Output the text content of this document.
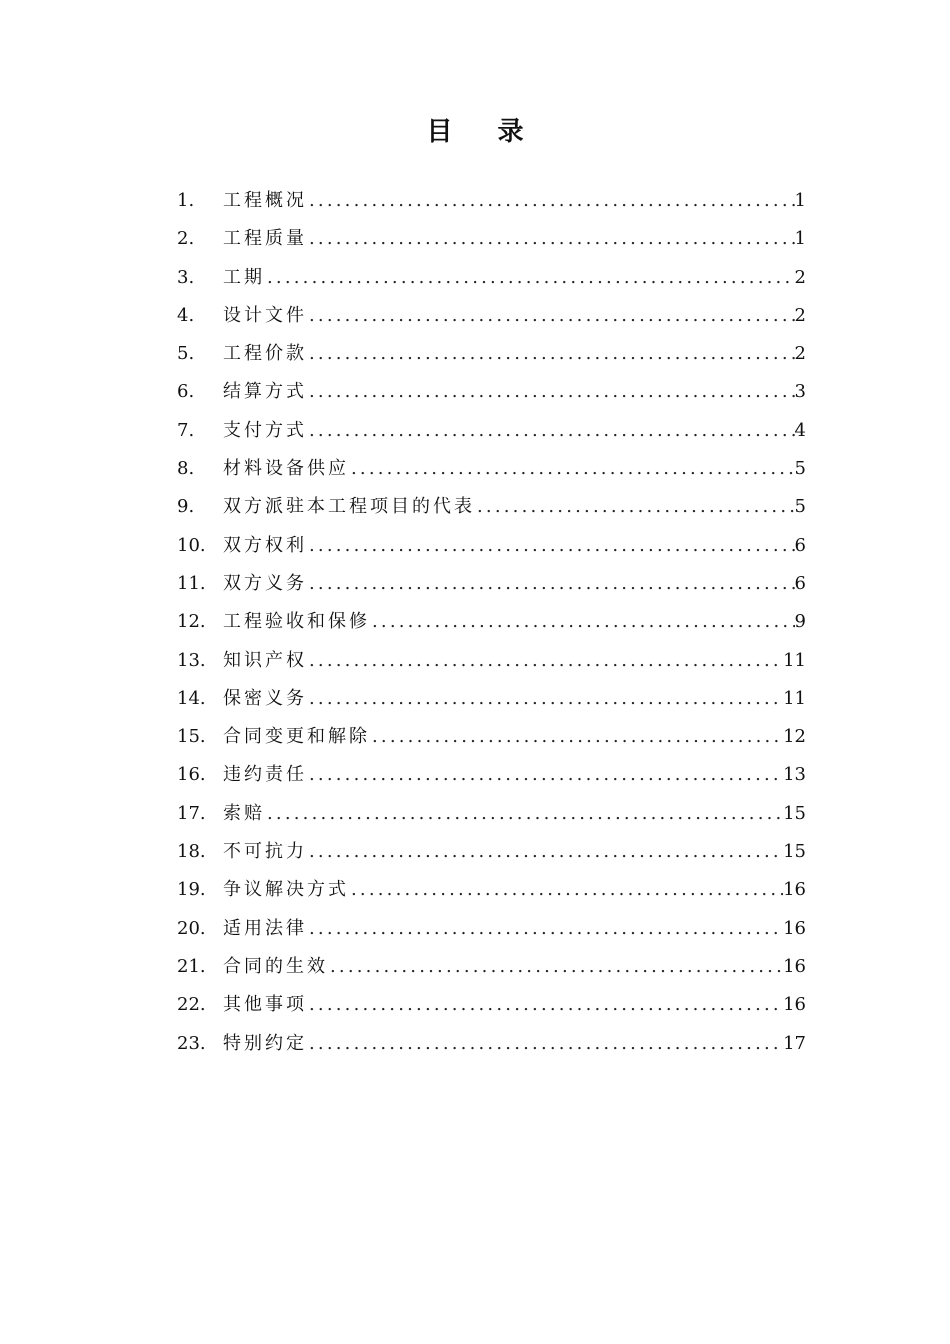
目 录
1.	工程概况 .....	1
2.	工程质量 .....	1
3.	工期 .....	2
4.	设计文件 .....	2
5.	工程价款 .....	2
6.	结算方式 .....	3
7.	支付方式 .....	4
8.	材料设备供应 .....	5
9.	双方派驻本工程项目的代表 .....	5
10. 双方权利 .....	6
11. 双方义务 .....	6
12. 工程验收和保修 .....	9
13. 知识产权 .....	11
14. 保密义务 .....	11
15. 合同变更和解除 .....	12
16. 违约责任 .....	13
17. 索赔 .....	15
18. 不可抗力 .....	15
19. 争议解决方式 .....	16
20. 适用法律 .....	16
21. 合同的生效 .....	16
22. 其他事项 .....	16
23. 特别约定 .....	17
